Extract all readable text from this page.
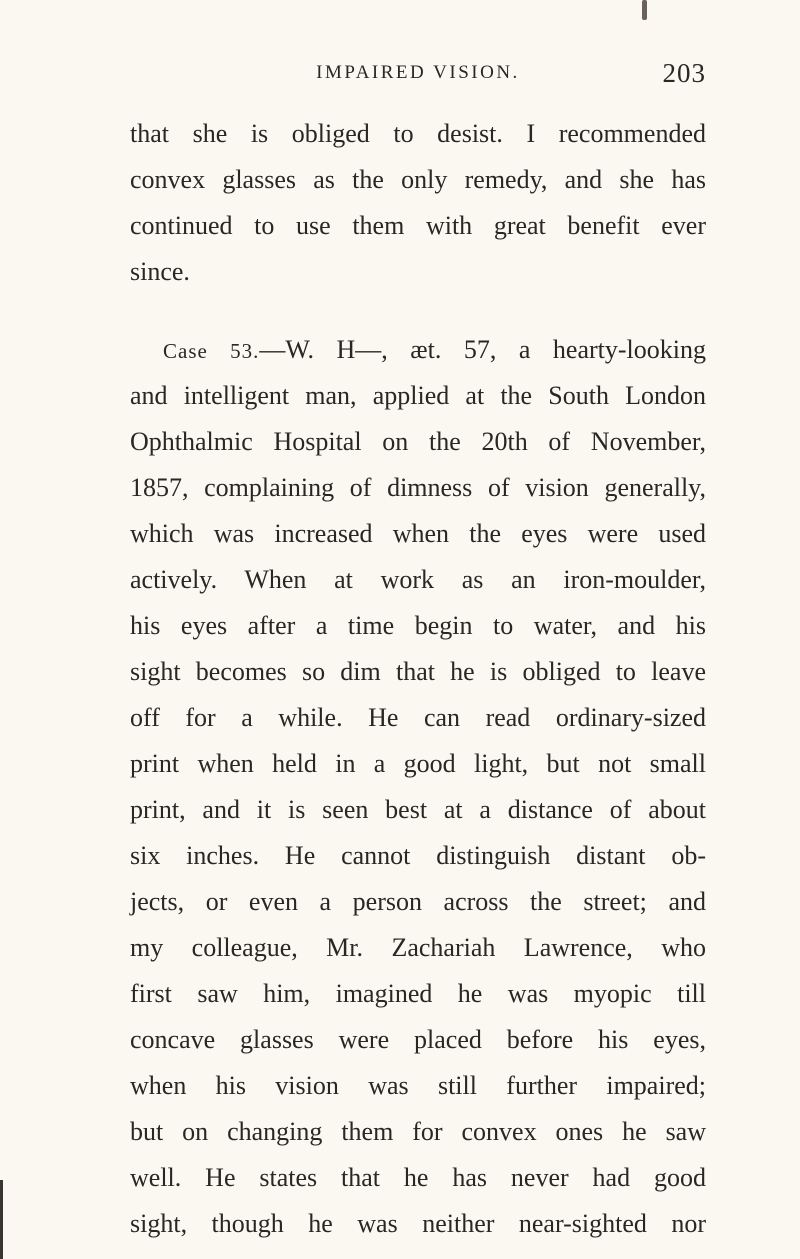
IMPAIRED VISION.	203
that she is obliged to desist. I recommended
convex glasses as the only remedy, and she has
continued to use them with great benefit ever
since.
Case 53.—W. H—, æt. 57, a hearty-looking
and intelligent man, applied at the South London
Ophthalmic Hospital on the 20th of November,
1857, complaining of dimness of vision generally,
which was increased when the eyes were used
actively. When at work as an iron-moulder,
his eyes after a time begin to water, and his
sight becomes so dim that he is obliged to leave
off for a while. He can read ordinary-sized
print when held in a good light, but not small
print, and it is seen best at a distance of about
six inches. He cannot distinguish distant ob-
jects, or even a person across the street; and
my colleague, Mr. Zachariah Lawrence, who
first saw him, imagined he was myopic till
concave glasses were placed before his eyes,
when his vision was still further impaired;
but on changing them for convex ones he saw
well. He states that he has never had good
sight, though he was neither near-sighted nor
